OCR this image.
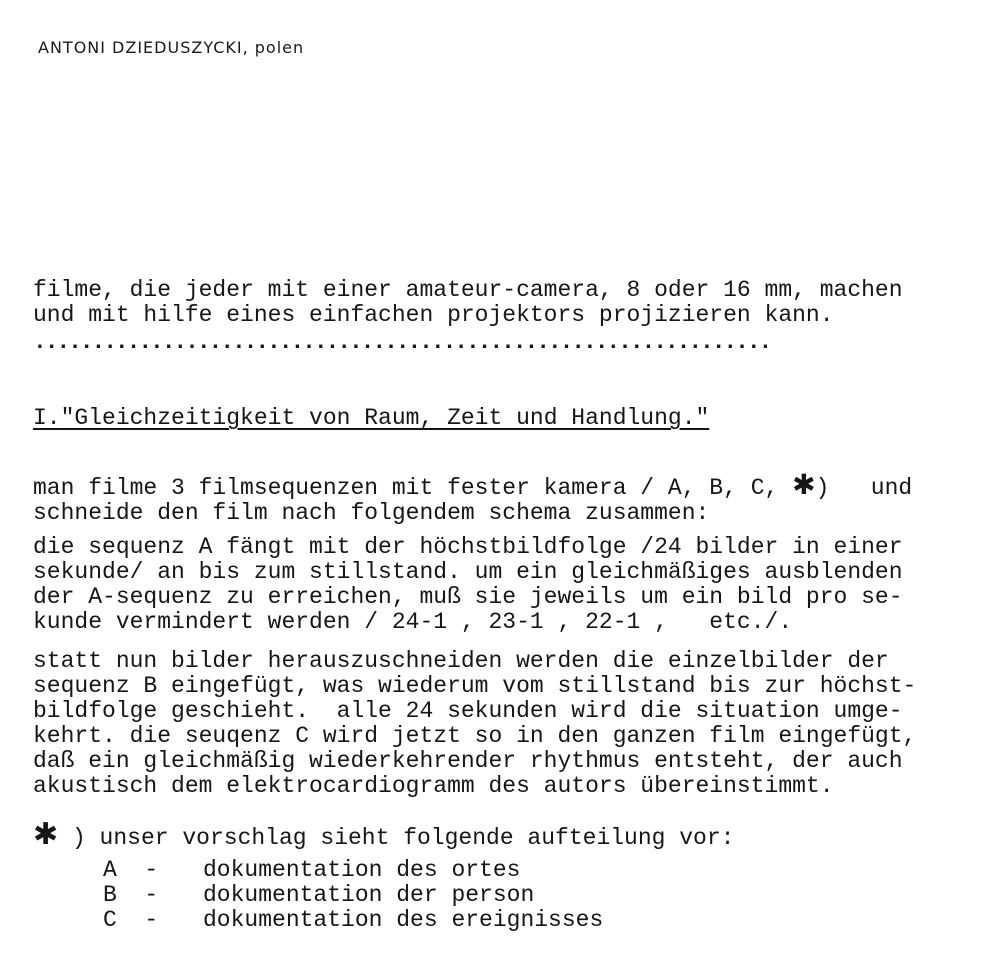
ANTONI DZIEDUSZYCKI, polen
filme, die jeder mit einer amateur-camera, 8 oder 16 mm, machen
und mit hilfe eines einfachen projektors projizieren kann.
...............................................................
I."Gleichzeitigkeit von Raum, Zeit und Handlung."
man filme 3 filmsequenzen mit fester kamera / A, B, C, ✱)   und
schneide den film nach folgendem schema zusammen:
die sequenz A fängt mit der höchstbildfolge /24 bilder in einer
sekunde/ an bis zum stillstand. um ein gleichmäßiges ausblenden
der A-sequenz zu erreichen, muß sie jeweils um ein bild pro se-
kunde vermindert werden / 24-1 , 23-1 , 22-1 ,   etc./.
statt nun bilder herauszuschneiden werden die einzelbilder der
sequenz B eingefügt, was wiederum vom stillstand bis zur höchst-
bildfolge geschieht.  alle 24 sekunden wird die situation umge-
kehrt. die seuqenz C wird jetzt so in den ganzen film eingefügt,
daß ein gleichmäßig wiederkehrender rhythmus entsteht, der auch
akustisch dem elektrocardiogramm des autors übereinstimmt.
✱ ) unser vorschlag sieht folgende aufteilung vor:
A  - dokumentation des ortes
B  - dokumentation der person
C  - dokumentation des ereignisses
